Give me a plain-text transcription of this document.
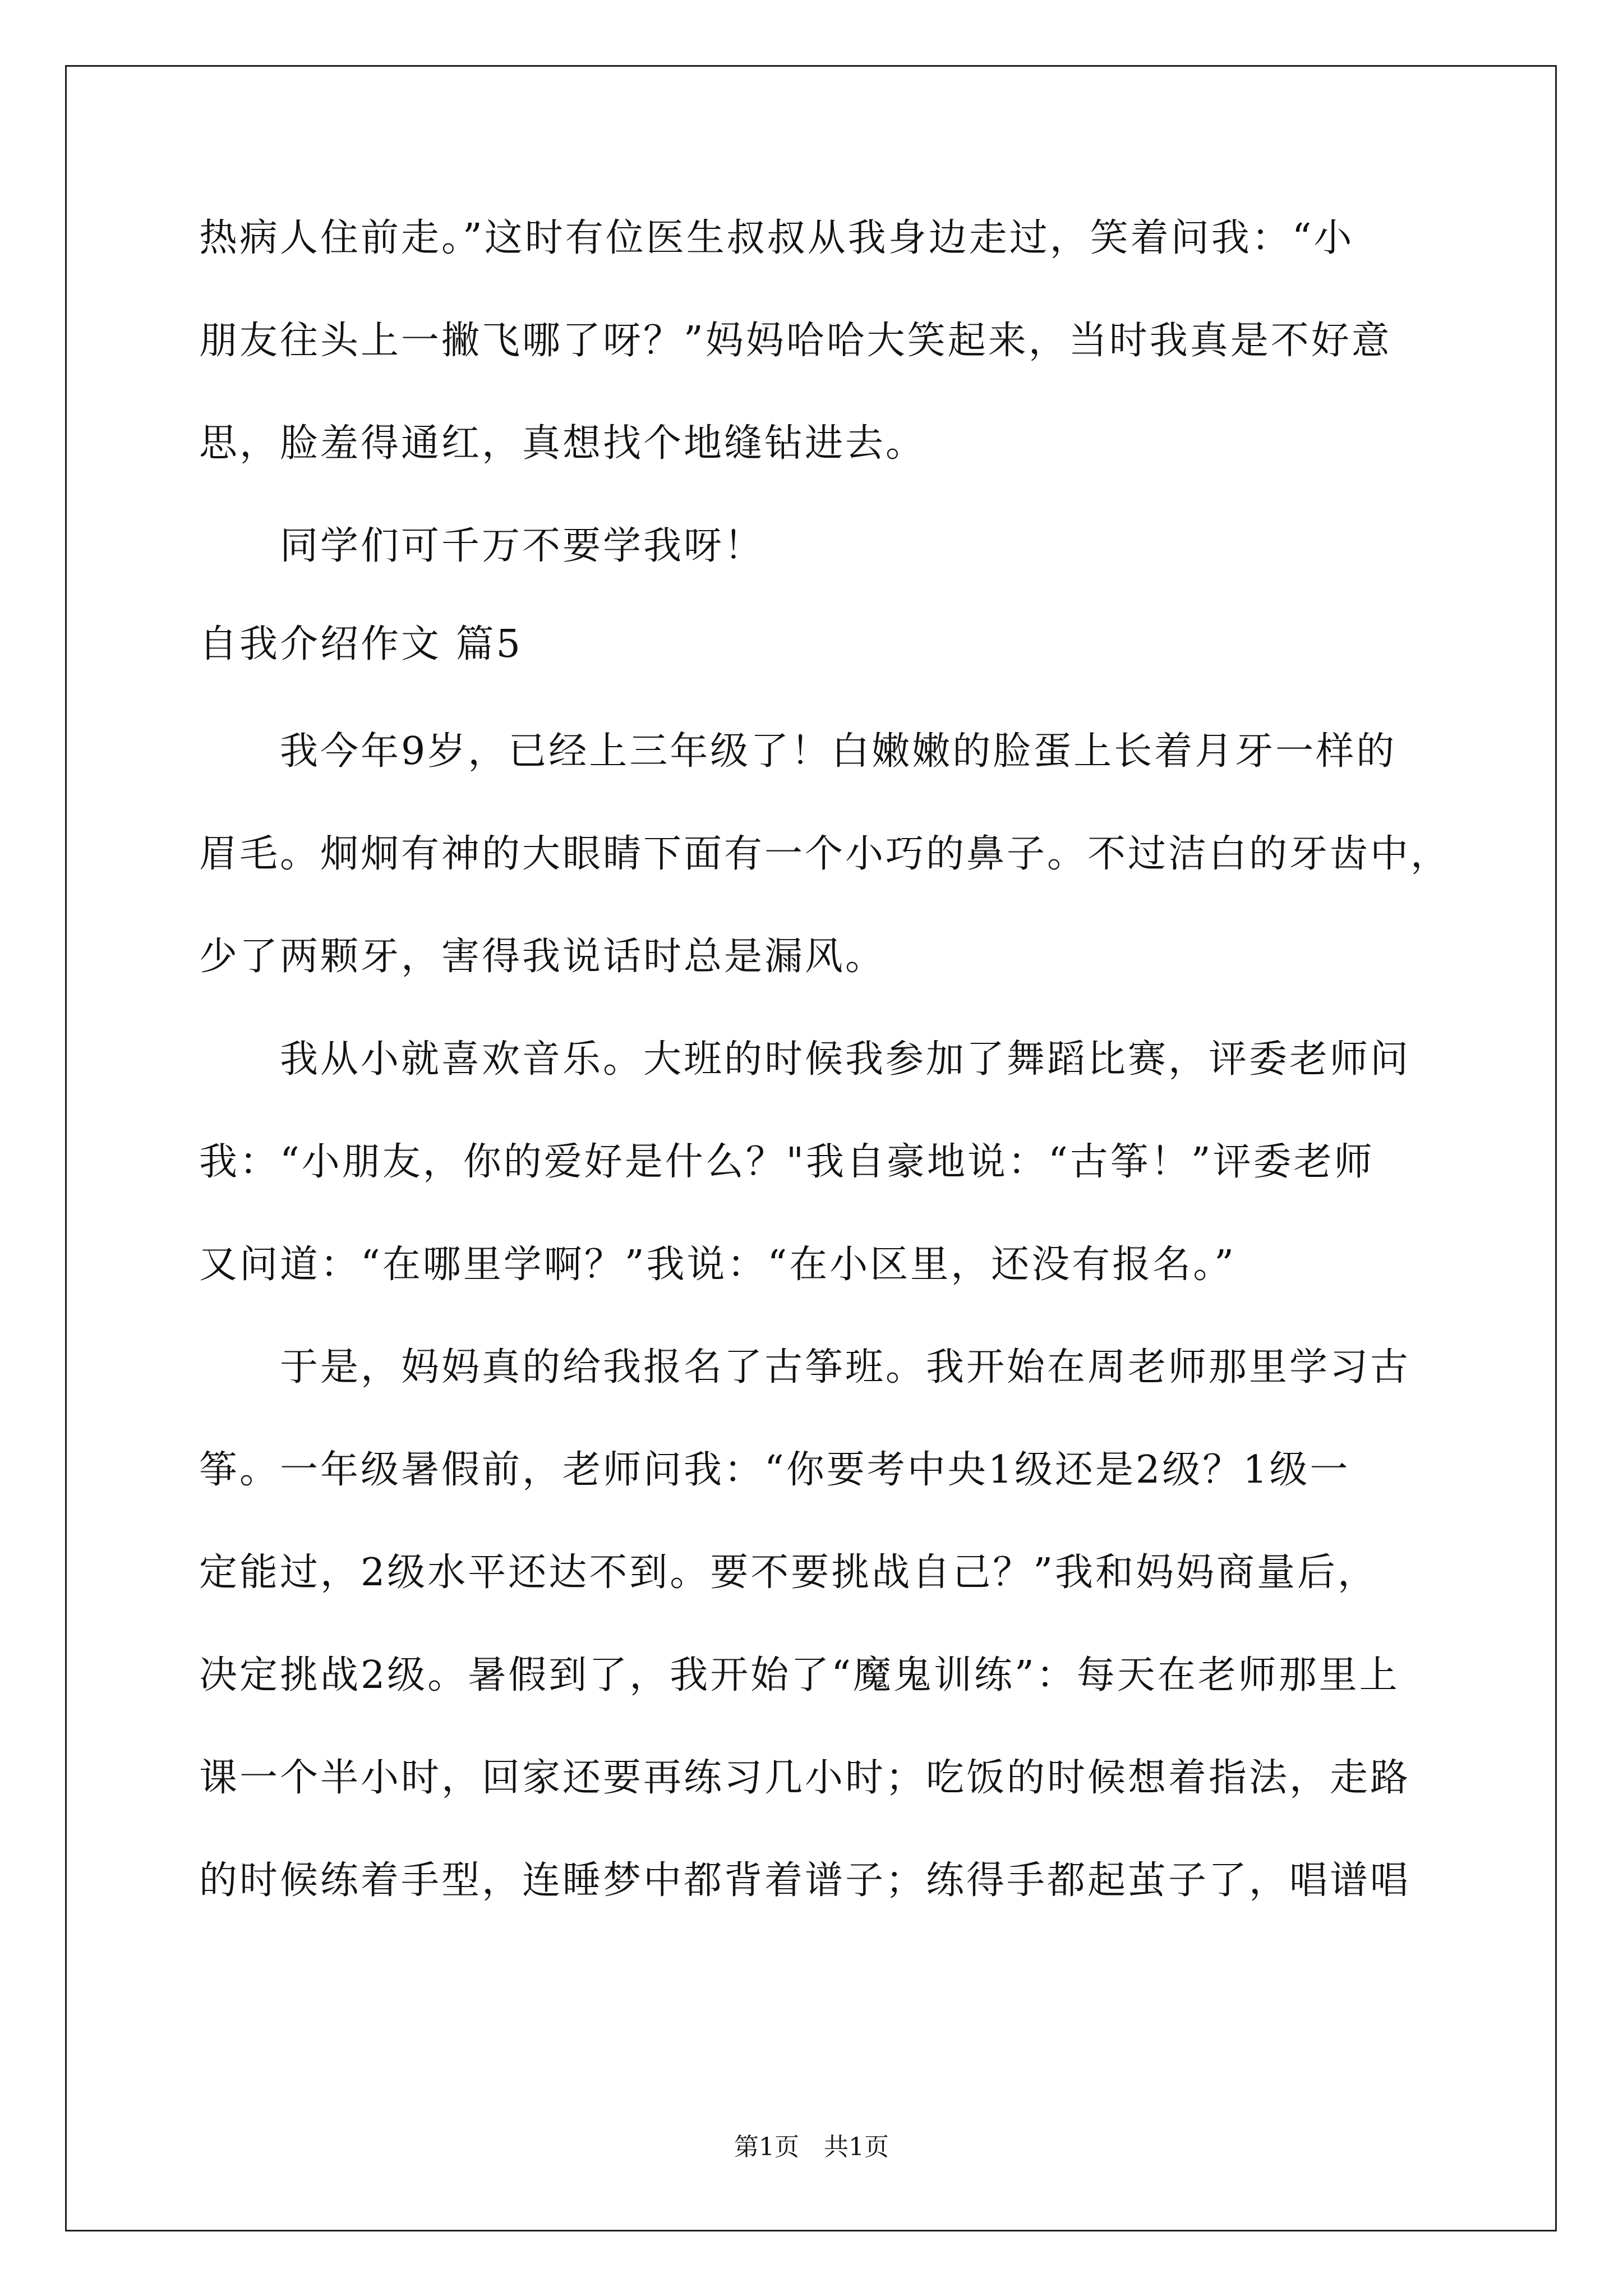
热病人住前走。”这时有位医生叔叔从我身边走过，笑着问我：“小
朋友往头上一撇飞哪了呀？”妈妈哈哈大笑起来，当时我真是不好意
思，脸羞得通红，真想找个地缝钻进去。
　　同学们可千万不要学我呀！
自我介绍作文 篇5
　　我今年9岁，已经上三年级了！白嫩嫩的脸蛋上长着月牙一样的
眉毛。炯炯有神的大眼睛下面有一个小巧的鼻子。不过洁白的牙齿中，
少了两颗牙，害得我说话时总是漏风。
　　我从小就喜欢音乐。大班的时候我参加了舞蹈比赛，评委老师问
我：“小朋友，你的爱好是什么？"我自豪地说：“古筝！”评委老师
又问道：“在哪里学啊？”我说：“在小区里，还没有报名。”
　　于是，妈妈真的给我报名了古筝班。我开始在周老师那里学习古
筝。一年级暑假前，老师问我：“你要考中央1级还是2级？1级一
定能过，2级水平还达不到。要不要挑战自己？”我和妈妈商量后，
决定挑战2级。暑假到了，我开始了“魔鬼训练”：每天在老师那里上
课一个半小时，回家还要再练习几小时；吃饭的时候想着指法，走路
的时候练着手型，连睡梦中都背着谱子；练得手都起茧子了，唱谱唱
第1页　共1页
